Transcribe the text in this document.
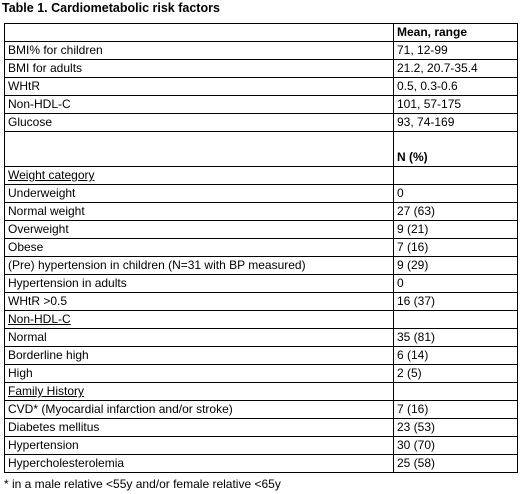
Table 1. Cardiometabolic risk factors
	Mean, range
BMI% for children	71, 12-99
BMI for adults	21.2, 20.7-35.4
WHtR	0.5, 0.3-0.6
Non-HDL-C	101, 57-175
Glucose	93, 74-169
	N (%)
Weight category	
Underweight	0
Normal weight	27 (63)
Overweight	9 (21)
Obese	7 (16)
(Pre) hypertension in children (N=31 with BP measured)	9 (29)
Hypertension in adults	0
WHtR >0.5	16 (37)
Non-HDL-C	
Normal	35 (81)
Borderline high	6 (14)
High	2 (5)
Family History	
CVD* (Myocardial infarction and/or stroke)	7 (16)
Diabetes mellitus	23 (53)
Hypertension	30 (70)
Hypercholesterolemia	25 (58)
* in a male relative <55y and/or female relative <65y
